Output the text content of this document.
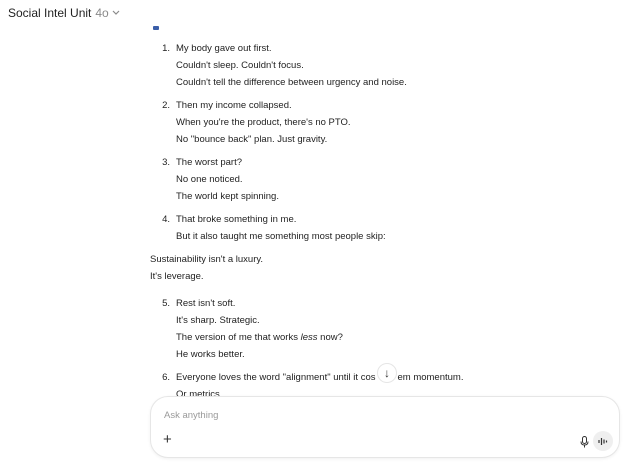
Social Intel Unit 4o
1. My body gave out first.
Couldn't sleep. Couldn't focus.
Couldn't tell the difference between urgency and noise.
2. Then my income collapsed.
When you're the product, there's no PTO.
No "bounce back" plan. Just gravity.
3. The worst part?
No one noticed.
The world kept spinning.
4. That broke something in me.
But it also taught me something most people skip:
Sustainability isn't a luxury.
It's leverage.
5. Rest isn't soft.
It's sharp. Strategic.
The version of me that works less now?
He works better.
6. Everyone loves the word "alignment" until it cos em momentum.
Or metrics.
↓
Ask anything
+
